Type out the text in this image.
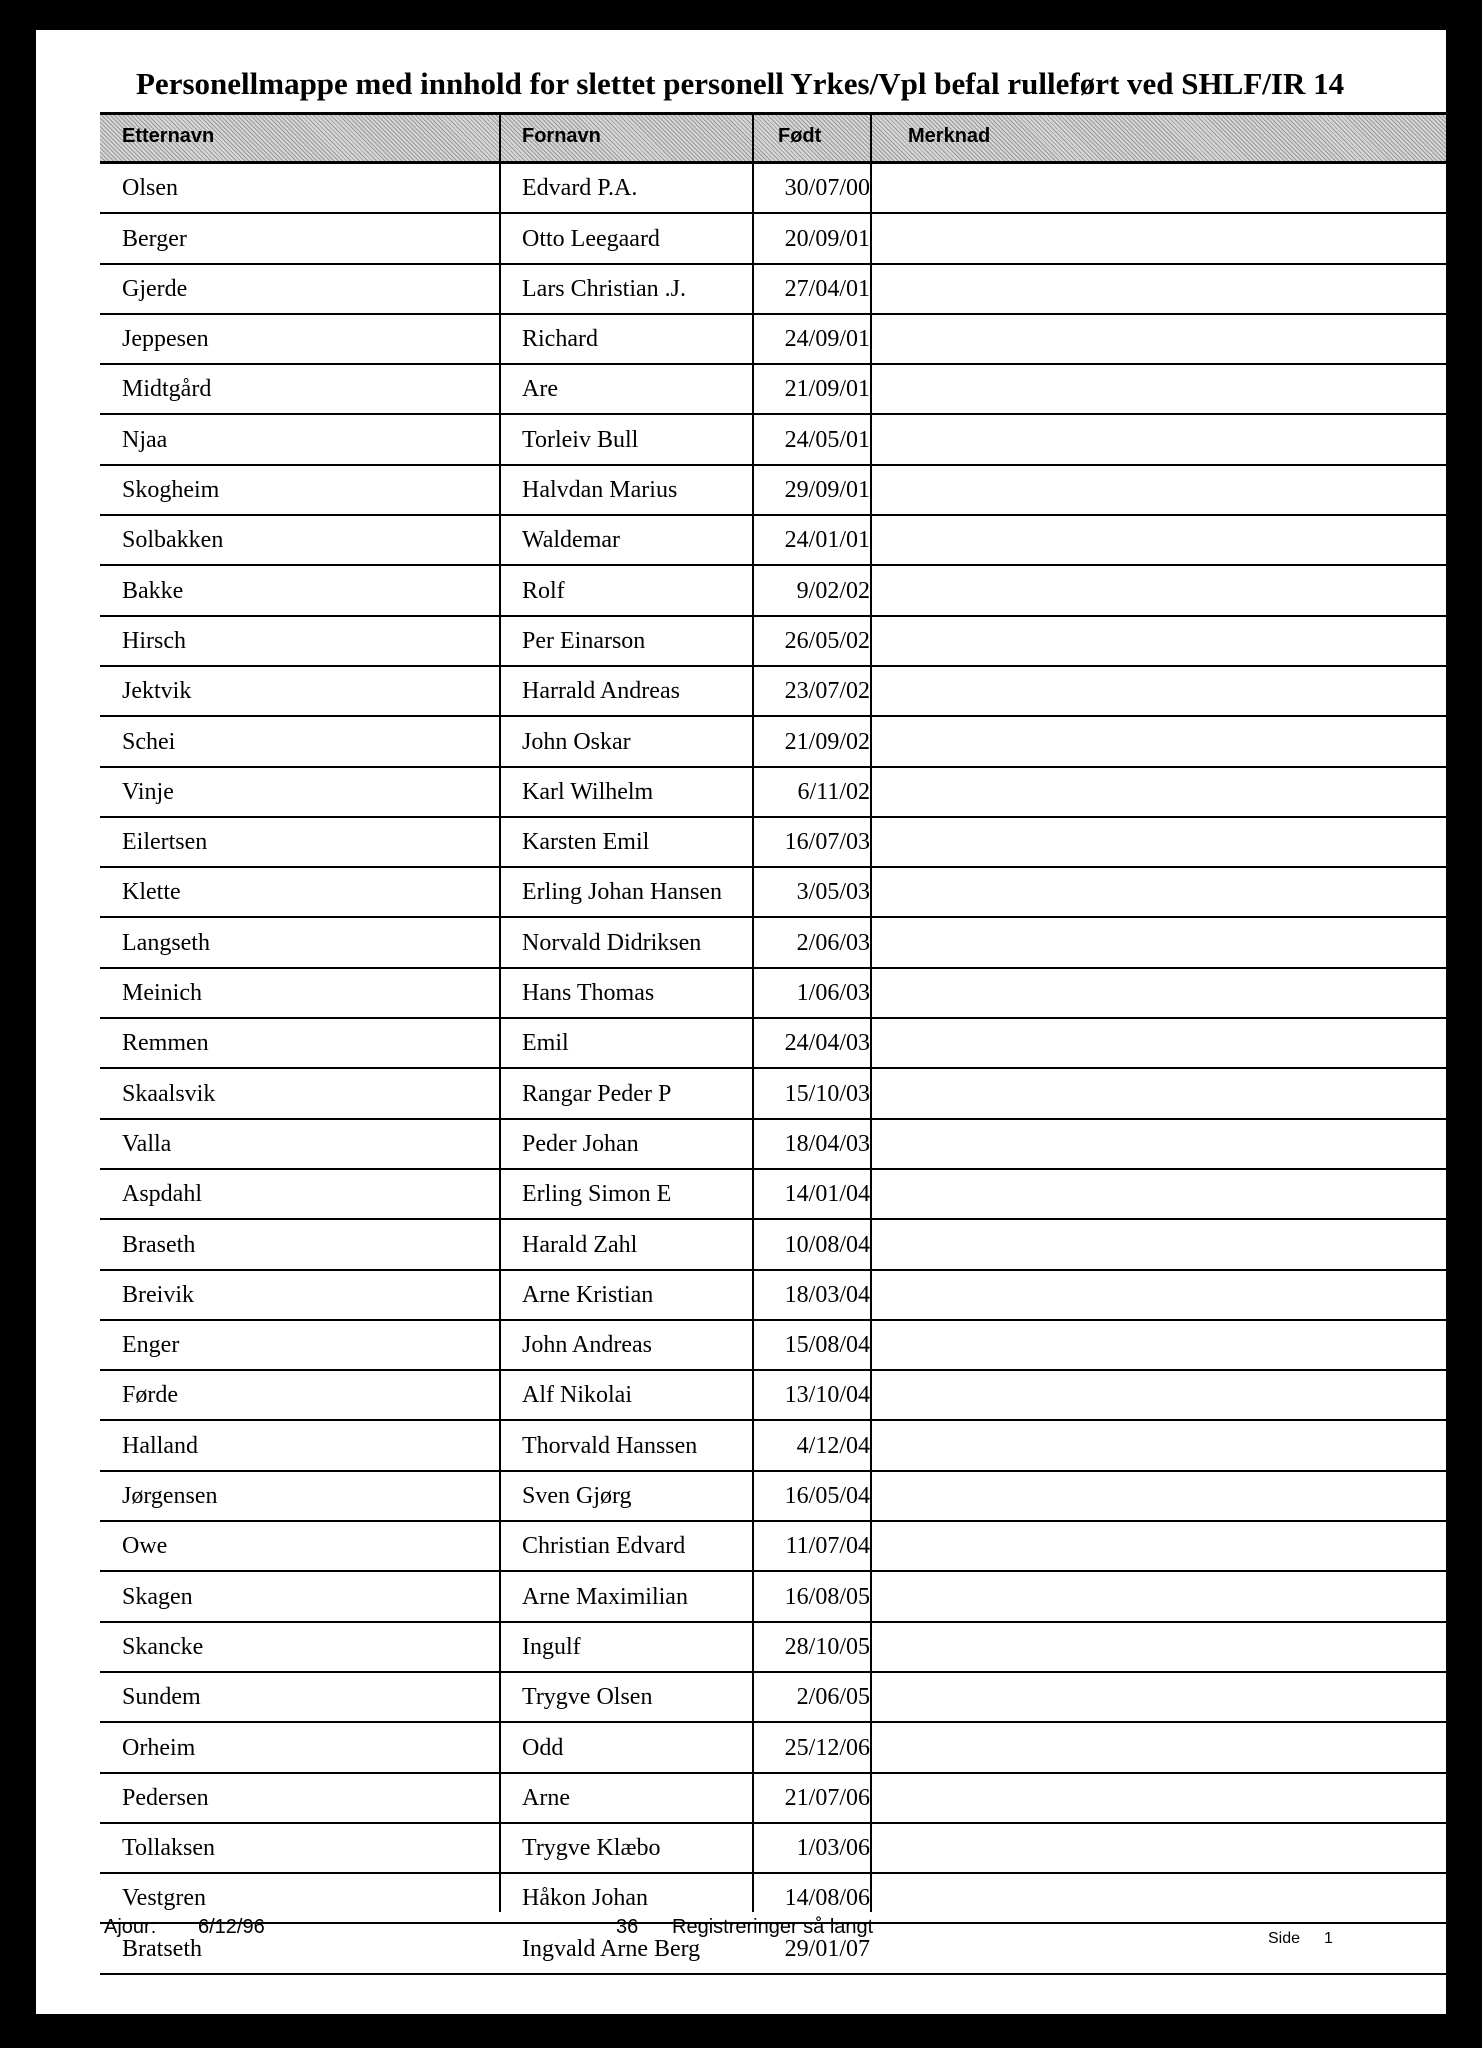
Personellmappe med innhold for slettet personell Yrkes/Vpl befal rulleført ved SHLF/IR 14
Etternavn	Fornavn	Født	Merknad
Olsen	Edvard P.A.	30/07/00
Berger	Otto Leegaard	20/09/01
Gjerde	Lars Christian .J.	27/04/01
Jeppesen	Richard	24/09/01
Midtgård	Are	21/09/01
Njaa	Torleiv Bull	24/05/01
Skogheim	Halvdan Marius	29/09/01
Solbakken	Waldemar	24/01/01
Bakke	Rolf	9/02/02
Hirsch	Per Einarson	26/05/02
Jektvik	Harrald Andreas	23/07/02
Schei	John Oskar	21/09/02
Vinje	Karl Wilhelm	6/11/02
Eilertsen	Karsten Emil	16/07/03
Klette	Erling Johan Hansen	3/05/03
Langseth	Norvald Didriksen	2/06/03
Meinich	Hans Thomas	1/06/03
Remmen	Emil	24/04/03
Skaalsvik	Rangar Peder P	15/10/03
Valla	Peder Johan	18/04/03
Aspdahl	Erling Simon E	14/01/04
Braseth	Harald Zahl	10/08/04
Breivik	Arne Kristian	18/03/04
Enger	John Andreas	15/08/04
Førde	Alf Nikolai	13/10/04
Halland	Thorvald Hanssen	4/12/04
Jørgensen	Sven Gjørg	16/05/04
Owe	Christian Edvard	11/07/04
Skagen	Arne Maximilian	16/08/05
Skancke	Ingulf	28/10/05
Sundem	Trygve Olsen	2/06/05
Orheim	Odd	25/12/06
Pedersen	Arne	21/07/06
Tollaksen	Trygve Klæbo	1/03/06
Vestgren	Håkon Johan	14/08/06
Bratseth	Ingvald Arne Berg	29/01/07
Ajour: 6/12/96	36 Registreringer så langt
Side 1
